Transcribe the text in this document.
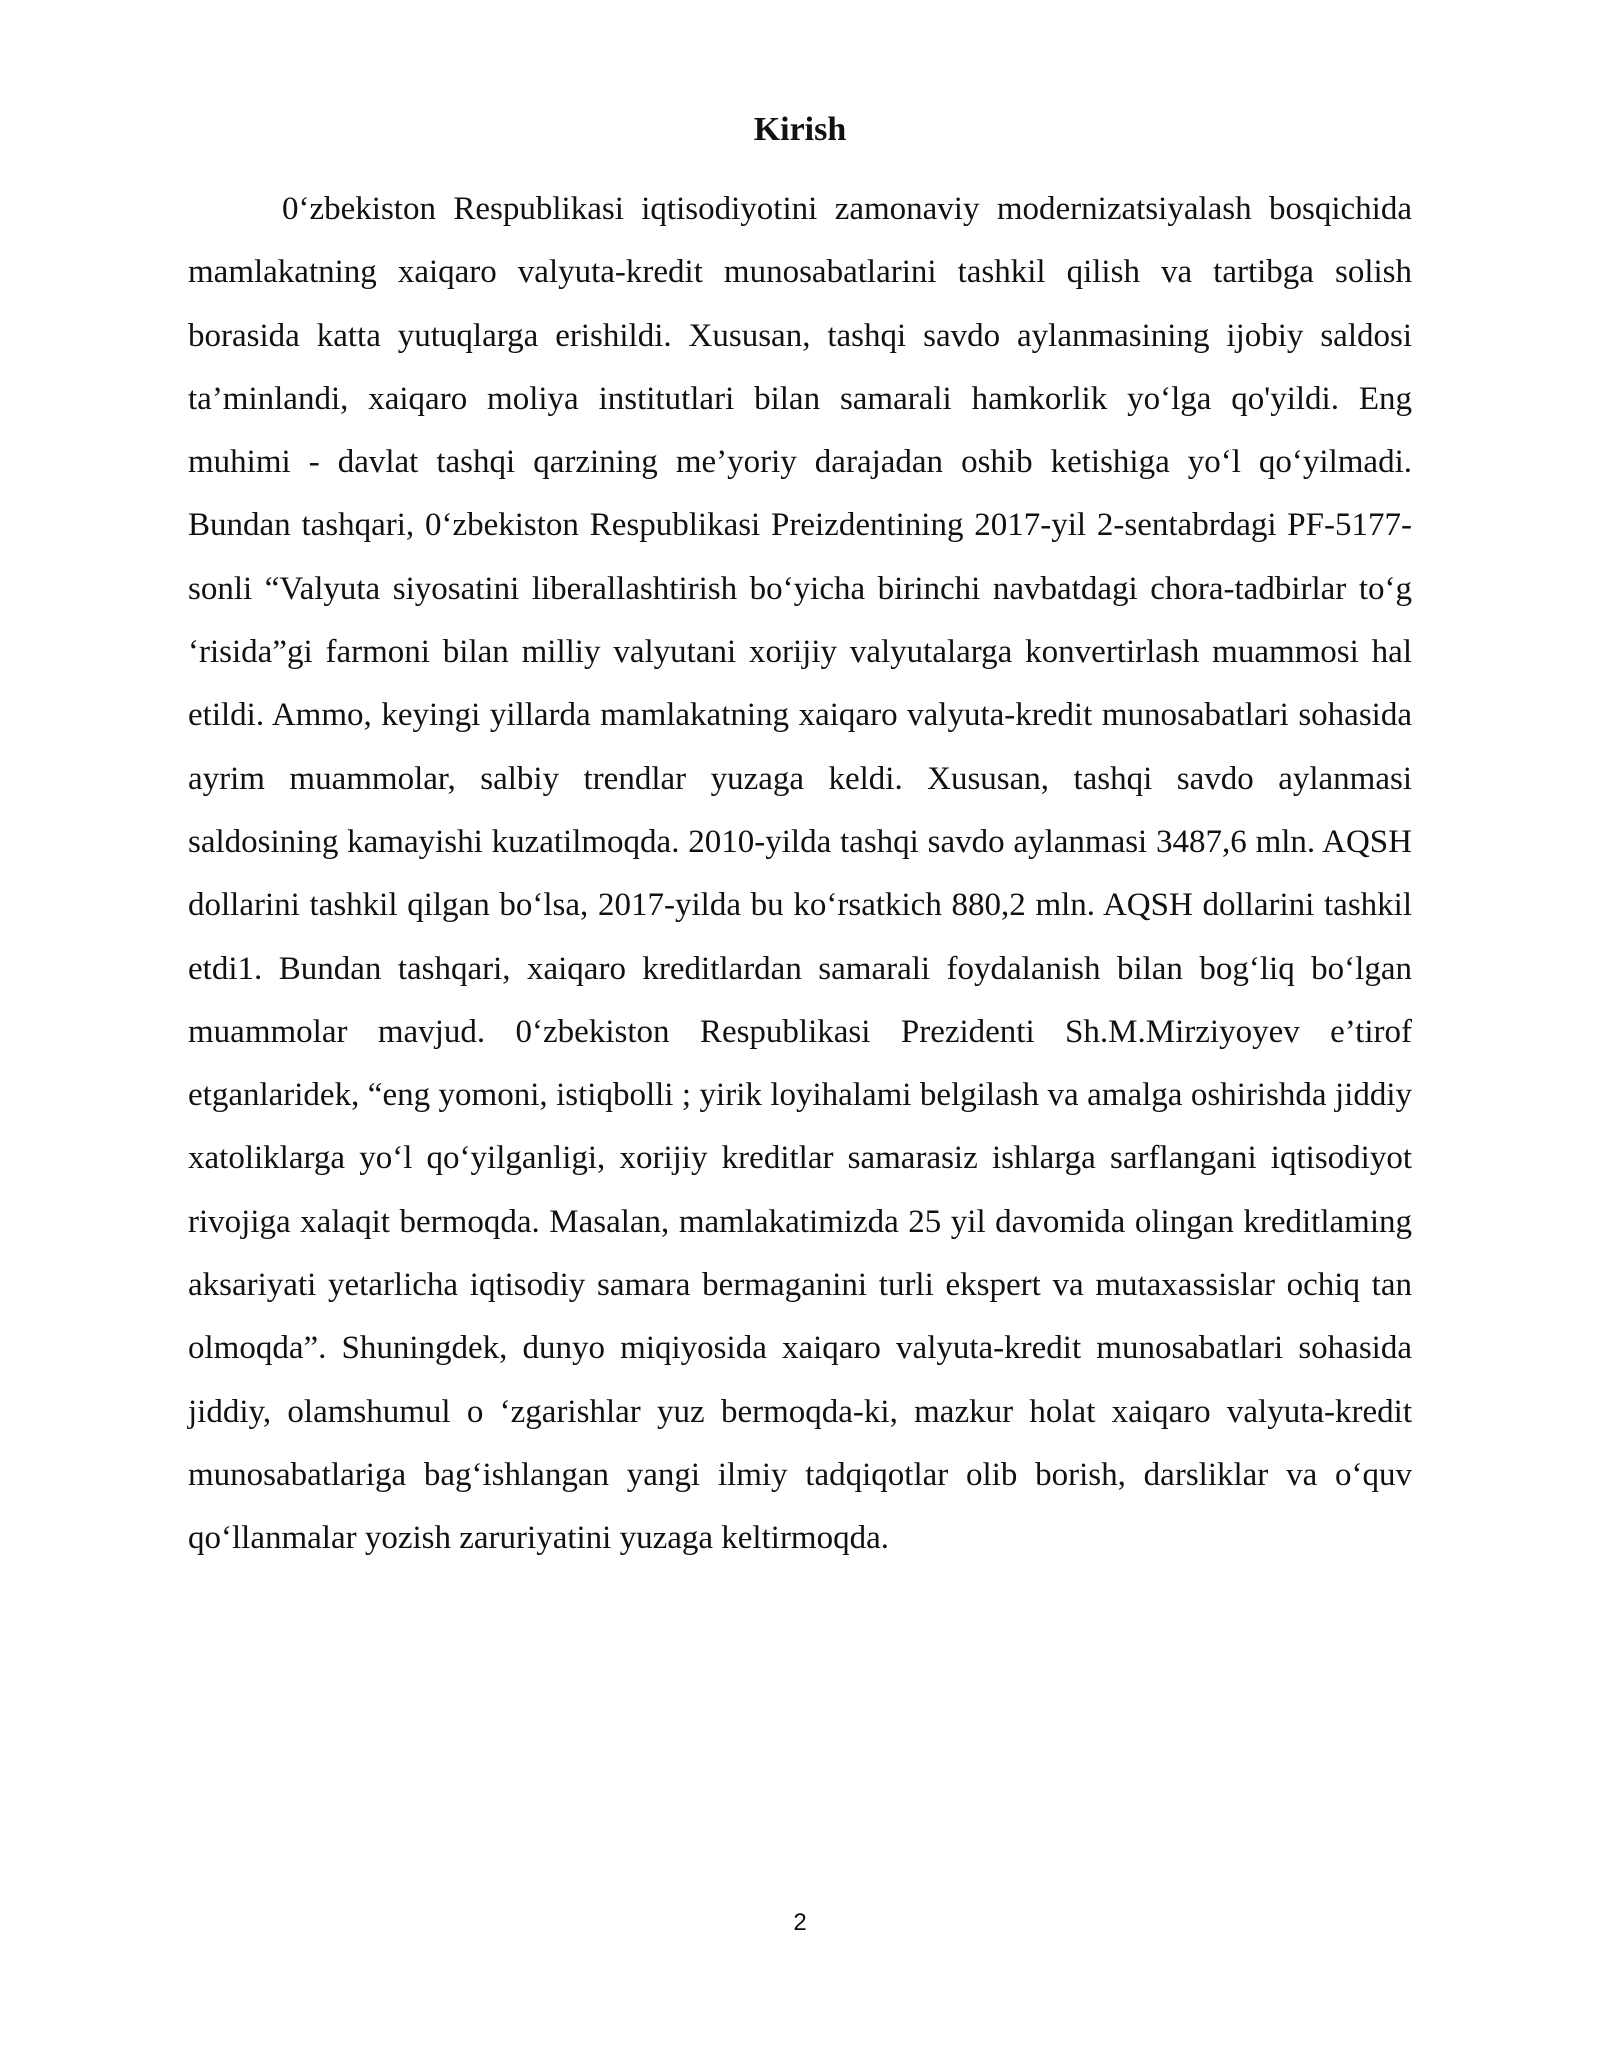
Kirish

0‘zbekiston Respublikasi iqtisodiyotini zamonaviy modernizatsiyalash bosqichida mamlakatning xaiqaro valyuta-kredit munosabatlarini tashkil qilish va tartibga solish borasida katta yutuqlarga erishildi. Xususan, tashqi savdo aylanmasining ijobiy saldosi ta’minlandi, xaiqaro moliya institutlari bilan samarali hamkorlik yo‘lga qo'yildi. Eng muhimi - davlat tashqi qarzining me’yoriy darajadan oshib ketishiga yo‘l qo‘yilmadi. Bundan tashqari, 0‘zbekiston Respublikasi Preizdentining 2017-yil 2-sentabrdagi PF-5177-sonli “Valyuta siyosatini liberallashtirish bo‘yicha birinchi navbatdagi chora-tadbirlar to‘g ‘risida”gi farmoni bilan milliy valyutani xorijiy valyutalarga konvertirlash muammosi hal etildi. Ammo, keyingi yillarda mamlakatning xaiqaro valyuta-kredit munosabatlari sohasida ayrim muammolar, salbiy trendlar yuzaga keldi. Xususan, tashqi savdo aylanmasi saldosining kamayishi kuzatilmoqda. 2010-yilda tashqi savdo aylanmasi 3487,6 mln. AQSH dollarini tashkil qilgan bo‘lsa, 2017-yilda bu ko‘rsatkich 880,2 mln. AQSH dollarini tashkil etdi1. Bundan tashqari, xaiqaro kreditlardan samarali foydalanish bilan bog‘liq bo‘lgan muammolar mavjud. 0‘zbekiston Respublikasi Prezidenti Sh.M.Mirziyoyev e’tirof etganlaridek, “eng yomoni, istiqbolli ; yirik loyihalami belgilash va amalga oshirishda jiddiy xatoliklarga yo‘l qo‘yilganligi, xorijiy kreditlar samarasiz ishlarga sarflangani iqtisodiyot rivojiga xalaqit bermoqda. Masalan, mamlakatimizda 25 yil davomida olingan kreditlaming aksariyati yetarlicha iqtisodiy samara bermaganini turli ekspert va mutaxassislar ochiq tan olmoqda”. Shuningdek, dunyo miqiyosida xaiqaro valyuta-kredit munosabatlari sohasida jiddiy, olamshumul o ‘zgarishlar yuz bermoqda-ki, mazkur holat xaiqaro valyuta-kredit munosabatlariga bag‘ishlangan yangi ilmiy tadqiqotlar olib borish, darsliklar va o‘quv qo‘llanmalar yozish zaruriyatini yuzaga keltirmoqda.

2
